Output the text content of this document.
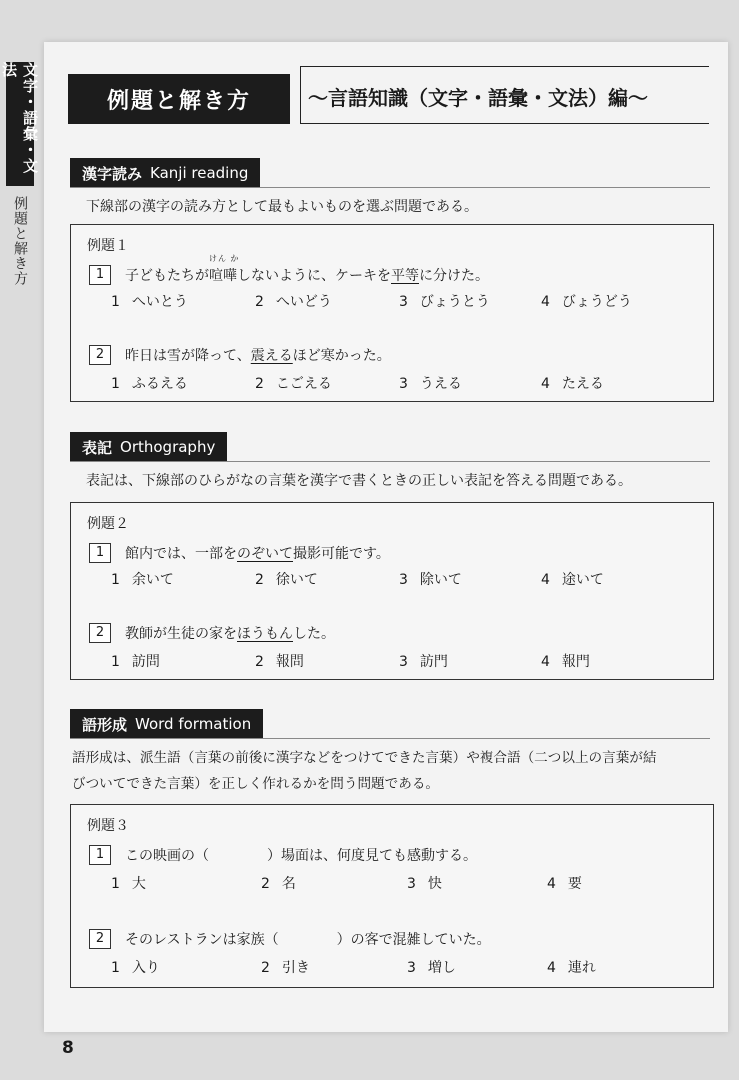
文字・語彙・文法
例題と解き方
例題と解き方	～言語知識（文字・語彙・文法）編～
漢字読み Kanji reading
下線部の漢字の読み方として最もよいものを選ぶ問題である。
例題１
1	子どもたちが 喧嘩
けん か
しないように、ケーキを 平等 に分けた。
1 へいとう	2 へいどう	3 びょうとう	4 びょうどう
2	昨日は雪が降って、 震える ほど寒かった。
1 ふるえる	2 こごえる	3 うえる	4 たえる
表記 Orthography
表記は、下線部のひらがなの言葉を漢字で書くときの正しい表記を答える問題である。
例題２
1	館内では、一部を のぞいて 撮影可能です。
1 余いて	2 徐いて	3 除いて	4 途いて
2	教師が生徒の家を ほうもん した。
1 訪問	2 報問	3 訪門	4 報門
語形成 Word formation
語形成は、派生語（言葉の前後に漢字などをつけてできた言葉）や複合語（二つ以上の言葉が結
びついてできた言葉）を正しく作れるかを問う問題である。
例題３
1	この映画の（	）場面は、何度見ても感動する。
1 大	2 名	3 快	4 要
2	そのレストランは家族（	）の客で混雑していた。
1 入り	2 引き	3 増し	4 連れ
8
